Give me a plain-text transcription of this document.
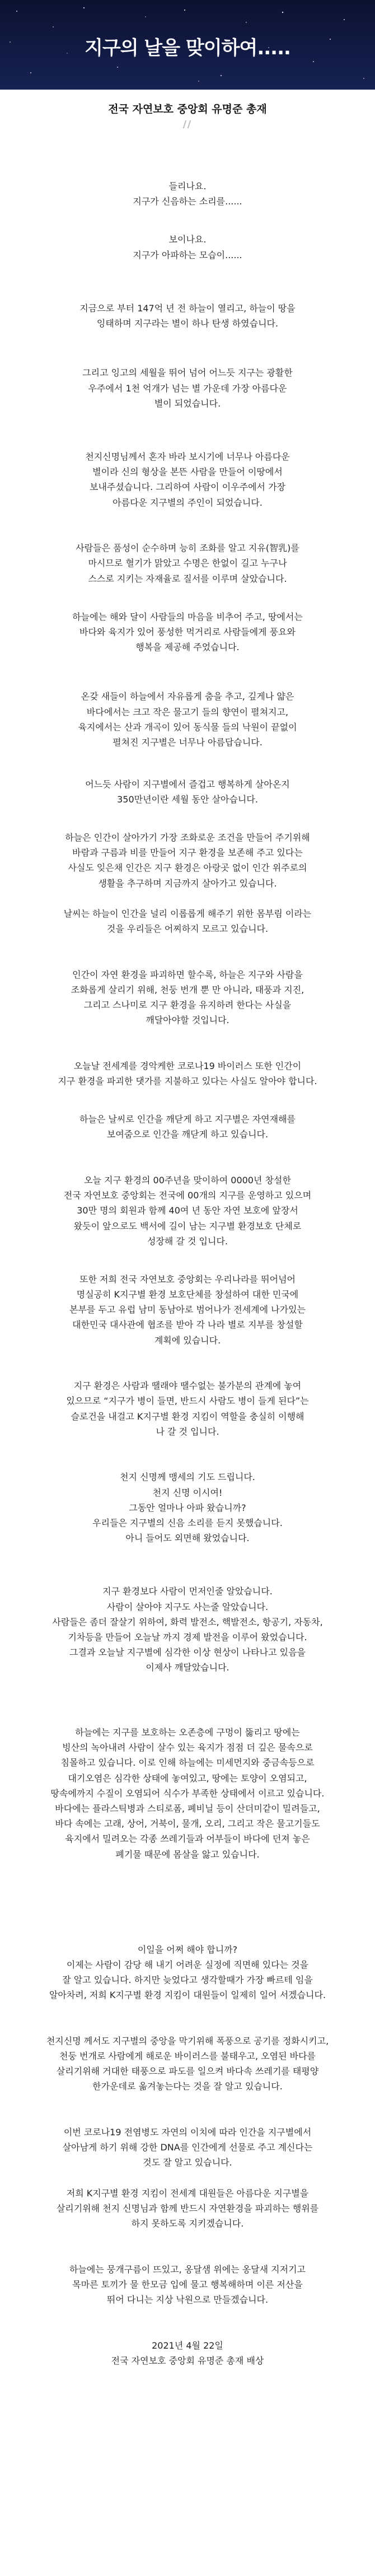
지구의 날을 맞이하여.....
전국 자연보호 중앙회 유명준 총재

들리나요.
지구가 신음하는 소리를......

보이나요.
지구가 아파하는 모습이......

지금으로 부터 147억 년 전 하늘이 열리고, 하늘이 땅을
잉태하며 지구라는 별이 하나 탄생 하였습니다.

그리고 잉고의 세월을 뛰어 넘어 어느듯 지구는 광활한
우주에서 1천 억개가 넘는 별 가운데 가장 아름다운
별이 되었습니다.

천지신명님께서 혼자 바라 보시기에 너무나 아름다운
별이라 신의 형상을 본뜬 사람을 만들어 이땅에서
보내주셨습니다. 그리하여 사람이 이우주에서 가장
아름다운 지구별의 주인이 되었습니다.

사람들은 품성이 순수하며 능히 조화를 알고 지유(智乳)를
마시므로 혈기가 맑았고 수명은 한없이 길고 누구나
스스로 지키는 자재율로 질서를 이루며 살았습니다.

하늘에는 해와 달이 사람들의 마음을 비추어 주고, 땅에서는
바다와 육지가 있어 풍성한 먹거리로 사람들에게 풍요와
행복을 제공해 주었습니다.

온갖 새들이 하늘에서 자유롭게 춤을 추고, 깊게나 얇은
바다에서는 크고 작은 물고기 들의 향연이 펼쳐지고,
육지에서는 산과 개곡이 있어 동식물 들의 낙원이 끝없이
펼쳐진 지구별은 너무나 아름답습니다.

어느듯 사람이 지구별에서 즐겁고 행복하게 살아온지
350만년이란 세월 동안 살아습니다.

하늘은 인간이 살아가기 가장 조화로운 조건을 만들어 주기위해
바람과 구름과 비를 만들어 지구 환경을 보존해 주고 있다는
사실도 잊은채 인간은 지구 환경은 아랑곳 없이 인간 위주로의
생활을 추구하며 지금까지 살아가고 있습니다.

날씨는 하늘이 인간을 널리 이롭롭게 해주기 위한 몸부림 이라는
것을 우리들은 어찌하지 모르고 있습니다.

인간이 자연 환경을 파괴하면 할수록, 하늘은 지구와 사람을
조화롭게 살리기 위해, 천둥 번개 뿐 만 아니라, 태풍과 지진,
그리고 스나미로 지구 환경을 유지하려 한다는 사실을
깨달아야할 것입니다.

오늘날 전세계를 경악케한 코로나19 바이러스 또한 인간이
지구 환경을 파괴한 댓가를 지불하고 있다는 사실도 알아야 합니다.

하늘은 날씨로 인간을 깨닫게 하고 지구별은 자연재해를
보여줌으로 인간을 깨닫게 하고 있습니다.

오늘 지구 환경의 00주년을 맞이하여 0000년 창설한
전국 자연보호 중앙회는 전국에 00개의 지구를 운영하고 있으며
30만 명의 회원과 함께 40여 년 동안 자연 보호에 앞장서
왔듯이 앞으로도 백서에 길이 남는 지구별 환경보호 단체로
성장해 갈 것 입니다.

또한 저희 전국 자연보호 중앙회는 우리나라를 뛰어넘어
명실공히 K지구별 환경 보호단체를 창설하여 대한 민국에
본부를 두고 유럽 남미 동남아로 범어나가 전세계에 나가있는
대한민국 대사관에 협조를 받아 각 나라 별로 지부를 창설할
계획에 있습니다.

지구 환경은 사람과 땔래야 땔수없는 불가분의 관계에 놓여
있으므로 “지구가 병이 들면, 반드시 사람도 병이 들게 된다”는
슬로건을 내걸고 K지구별 환경 지킴이 역할을 충실히 이행해
나 갈 것 입니다.

천지 신명께 맹세의 기도 드립니다.
천지 신명 이시여!
그동안 얼마나 아파 왔습니까?
우리들은 지구별의 신음 소리를 듣지 못했습니다.
아니 들어도 외면해 왔었습니다.

지구 환경보다 사람이 먼저인줄 알았습니다.
사람이 살아야 지구도 사는줄 알았습니다.
사람들은 좀더 잘살기 위하여, 화력 발전소, 핵발전소, 항공기, 자동차,
기차등을 만들어 오늘날 까지 경제 발전을 이루어 왔었습니다.
그결과 오늘날 지구별에 심각한 이상 현상이 나타나고 있음을
이제사 깨달았습니다.

하늘에는 지구를 보호하는 오존층에 구멍이 뚫리고 땅에는
빙산의 녹아내려 사람이 살수 있는 육지가 점점 더 깊은 물속으로
침몰하고 있습니다. 이로 인해 하늘에는 미세먼지와 중금속등으로
대기오염은 심각한 상태에 놓여있고, 땅에는 토양이 오염되고,
땅속에까지 수질이 오염되어 식수가 부족한 상태에서 이르고 있습니다.
바다에는 플라스틱병과 스티로폼, 폐비닐 등이 산더미같이 밀려들고,
바다 속에는 고래, 상어, 거북이, 물개, 오리, 그리고 작은 물고기들도
육지에서 밀려오는 각종 쓰레기들과 어부들이 바다에 던져 놓은
폐기물 때문에 몸살을 앓고 있습니다.

이일을 어쩌 해야 합니까?
이제는 사람이 감당 해 내기 어려운 실정에 직면해 있다는 것을
잘 알고 있습니다. 하지만 늦었다고 생각할때가 가장 빠르테 임을
알아차려, 저희 K지구별 환경 지킴이 대원들이 일제히 일어 서겠습니다.

천지신명 께서도 지구별의 중앙을 막기위해 폭풍으로 공기를 정화시키고,
천둥 번개로 사람에게 해로운 바이러스를 불태우고, 오염된 바다를
살리기위해 거대한 태풍으로 파도를 일으켜 바다속 쓰레기를 태평양
한가운데로 옮겨놓는다는 것을 잘 알고 있습니다.

이번 코로나19 전염병도 자연의 이치에 따라 인간을 지구별에서
살아남게 하기 위해 강한 DNA를 인간에게 선물로 주고 계신다는
것도 잘 알고 있습니다.

저희 K지구별 환경 지킴이 전세계 대원들은 아름다운 지구별을
살리기위해 천지 신명님과 함께 반드시 자연환경을 파괴하는 행위를
하지 못하도록 지키겠습니다.

하늘에는 뭉개구름이 뜨있고, 옹달샘 위에는 옹달새 지저기고
목마른 토끼가 물 한모금 입에 물고 행복해하며 이른 저산을
뛰어 다니는 지상 낙원으로 만들겠습니다.

2021년 4월 22일
전국 자연보호 중앙회 유명준 총재 배상
